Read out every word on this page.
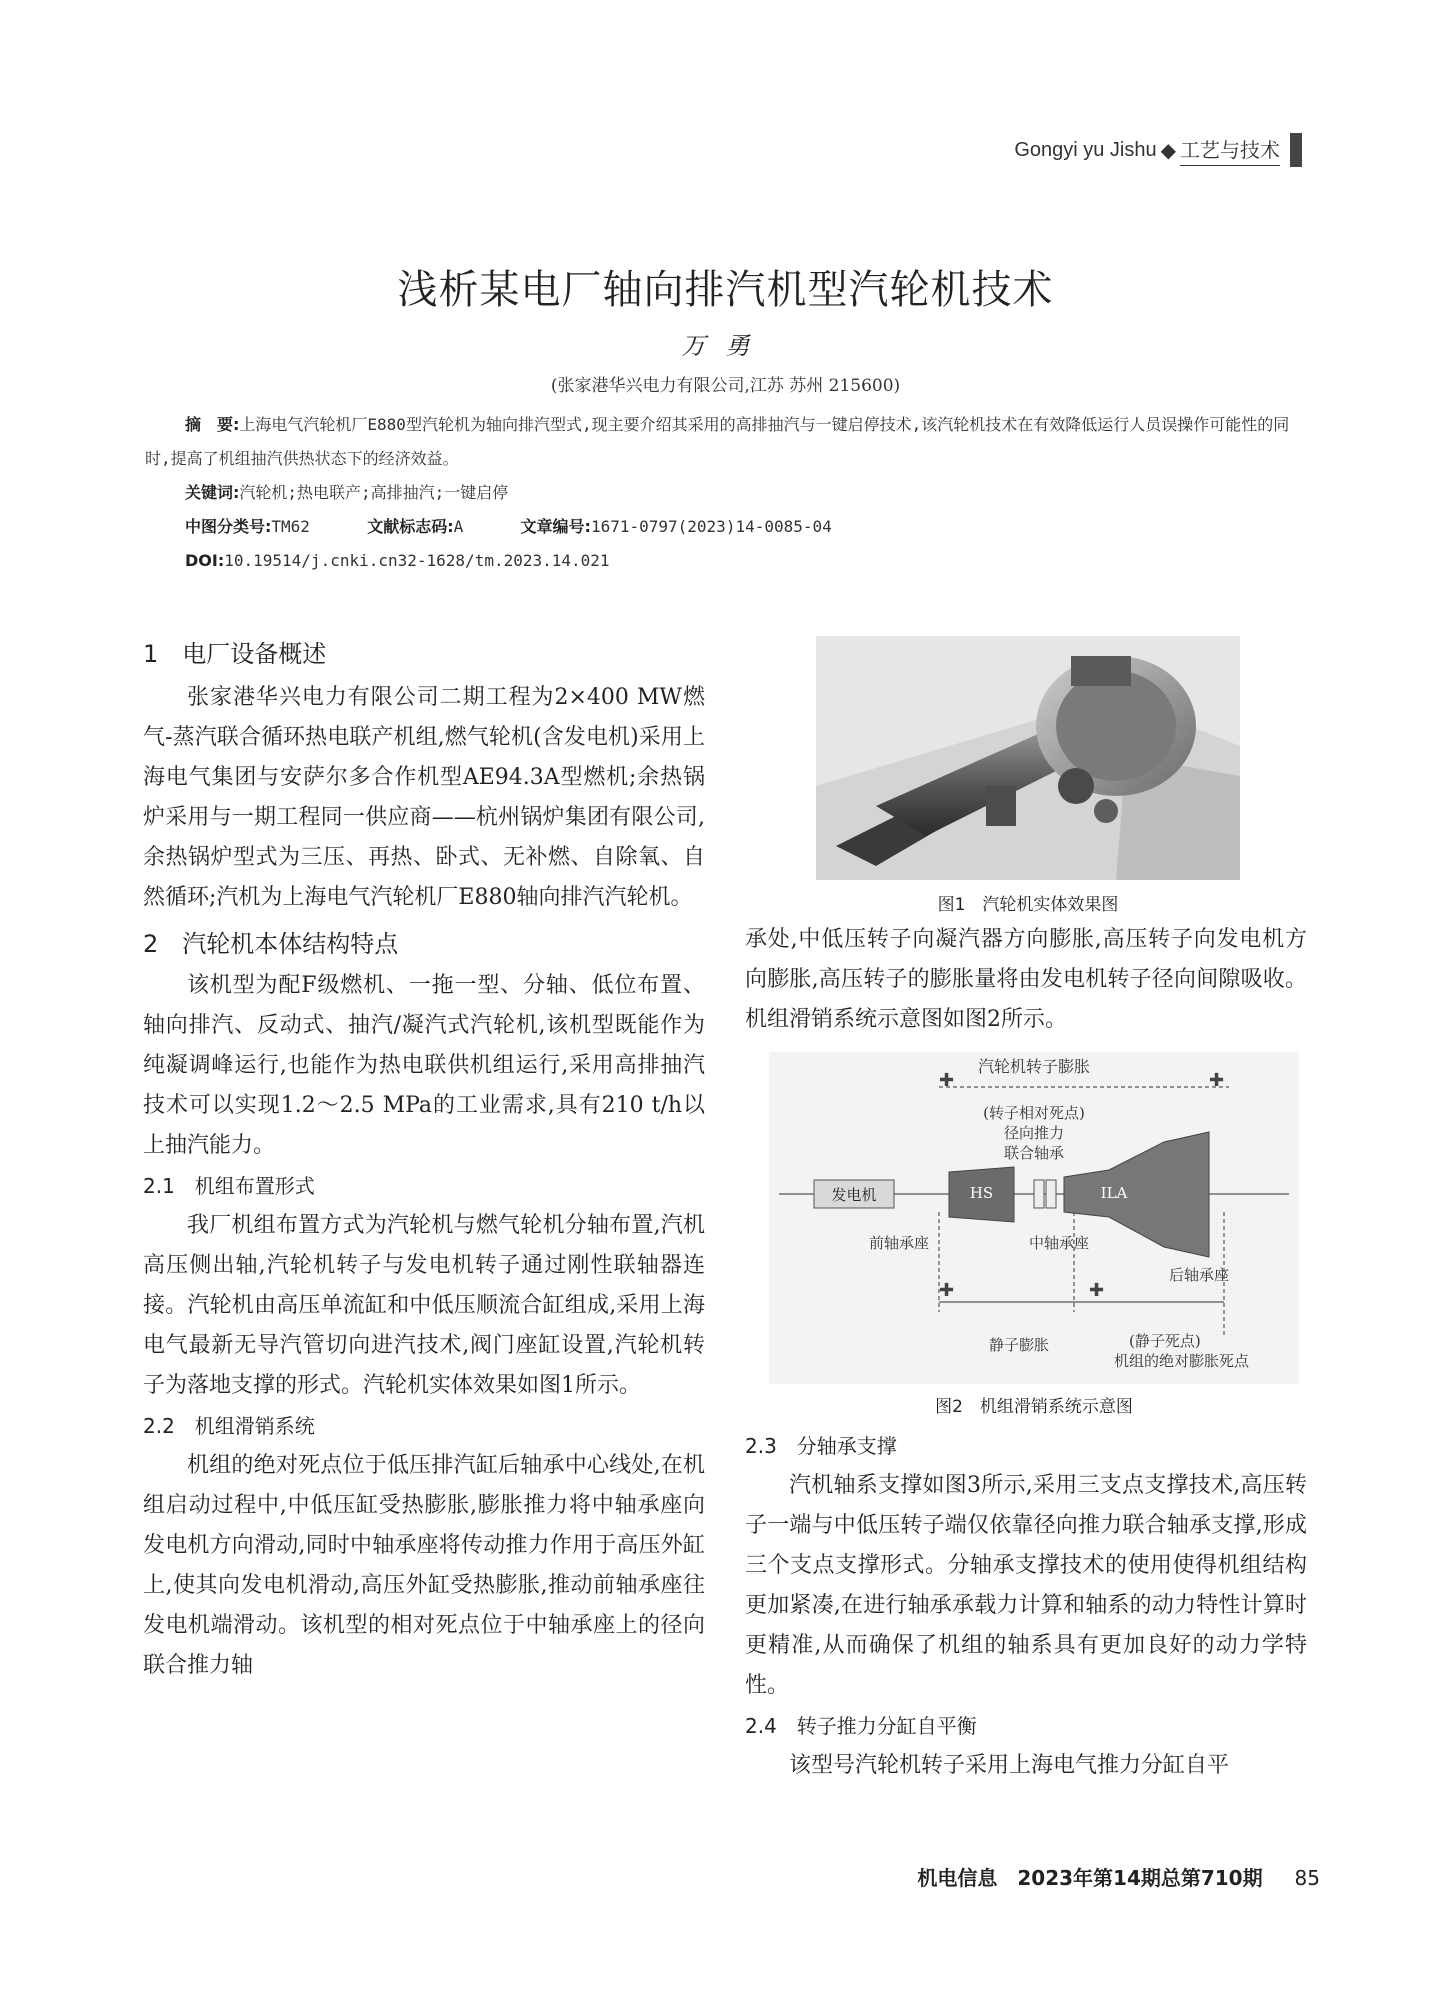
Gongyi yu Jishu ◆ 工艺与技术
浅析某电厂轴向排汽机型汽轮机技术
万勇
(张家港华兴电力有限公司,江苏 苏州 215600)
摘　要:上海电气汽轮机厂E880型汽轮机为轴向排汽型式,现主要介绍其采用的高排抽汽与一键启停技术,该汽轮机技术在有效降低运行人员误操作可能性的同时,提高了机组抽汽供热状态下的经济效益。
关键词:汽轮机;热电联产;高排抽汽;一键启停
中图分类号:TM62	文献标志码:A	文章编号:1671-0797(2023)14-0085-04
DOI:10.19514/j.cnki.cn32-1628/tm.2023.14.021
1　电厂设备概述

张家港华兴电力有限公司二期工程为2×400 MW燃气-蒸汽联合循环热电联产机组,燃气轮机(含发电机)采用上海电气集团与安萨尔多合作机型AE94.3A型燃机;余热锅炉采用与一期工程同一供应商——杭州锅炉集团有限公司,余热锅炉型式为三压、再热、卧式、无补燃、自除氧、自然循环;汽机为上海电气汽轮机厂E880轴向排汽汽轮机。

2　汽轮机本体结构特点

该机型为配F级燃机、一拖一型、分轴、低位布置、轴向排汽、反动式、抽汽/凝汽式汽轮机,该机型既能作为纯凝调峰运行,也能作为热电联供机组运行,采用高排抽汽技术可以实现1.2～2.5 MPa的工业需求,具有210 t/h以上抽汽能力。

2.1　机组布置形式

我厂机组布置方式为汽轮机与燃气轮机分轴布置,汽机高压侧出轴,汽轮机转子与发电机转子通过刚性联轴器连接。汽轮机由高压单流缸和中低压顺流合缸组成,采用上海电气最新无导汽管切向进汽技术,阀门座缸设置,汽轮机转子为落地支撑的形式。汽轮机实体效果如图1所示。

2.2　机组滑销系统

机组的绝对死点位于低压排汽缸后轴承中心线处,在机组启动过程中,中低压缸受热膨胀,膨胀推力将中轴承座向发电机方向滑动,同时中轴承座将传动推力作用于高压外缸上,使其向发电机滑动,高压外缸受热膨胀,推动前轴承座往发电机端滑动。该机型的相对死点位于中轴承座上的径向联合推力轴

图1　汽轮机实体效果图

承处,中低压转子向凝汽器方向膨胀,高压转子向发电机方向膨胀,高压转子的膨胀量将由发电机转子径向间隙吸收。机组滑销系统示意图如图2所示。

汽轮机转子膨胀
✚	✚
(转子相对死点)
径向推力
联合轴承
发电机	HS	ILA
前轴承座	中轴承座
后轴承座
✚	✚
静子膨胀	(静子死点)
机组的绝对膨胀死点
图2　机组滑销系统示意图
2.3　分轴承支撑

汽机轴系支撑如图3所示,采用三支点支撑技术,高压转子一端与中低压转子端仅依靠径向推力联合轴承支撑,形成三个支点支撑形式。分轴承支撑技术的使用使得机组结构更加紧凑,在进行轴承承载力计算和轴系的动力特性计算时更精准,从而确保了机组的轴系具有更加良好的动力学特性。

2.4　转子推力分缸自平衡

该型号汽轮机转子采用上海电气推力分缸自平

机电信息　2023年第14期总第710期 85
